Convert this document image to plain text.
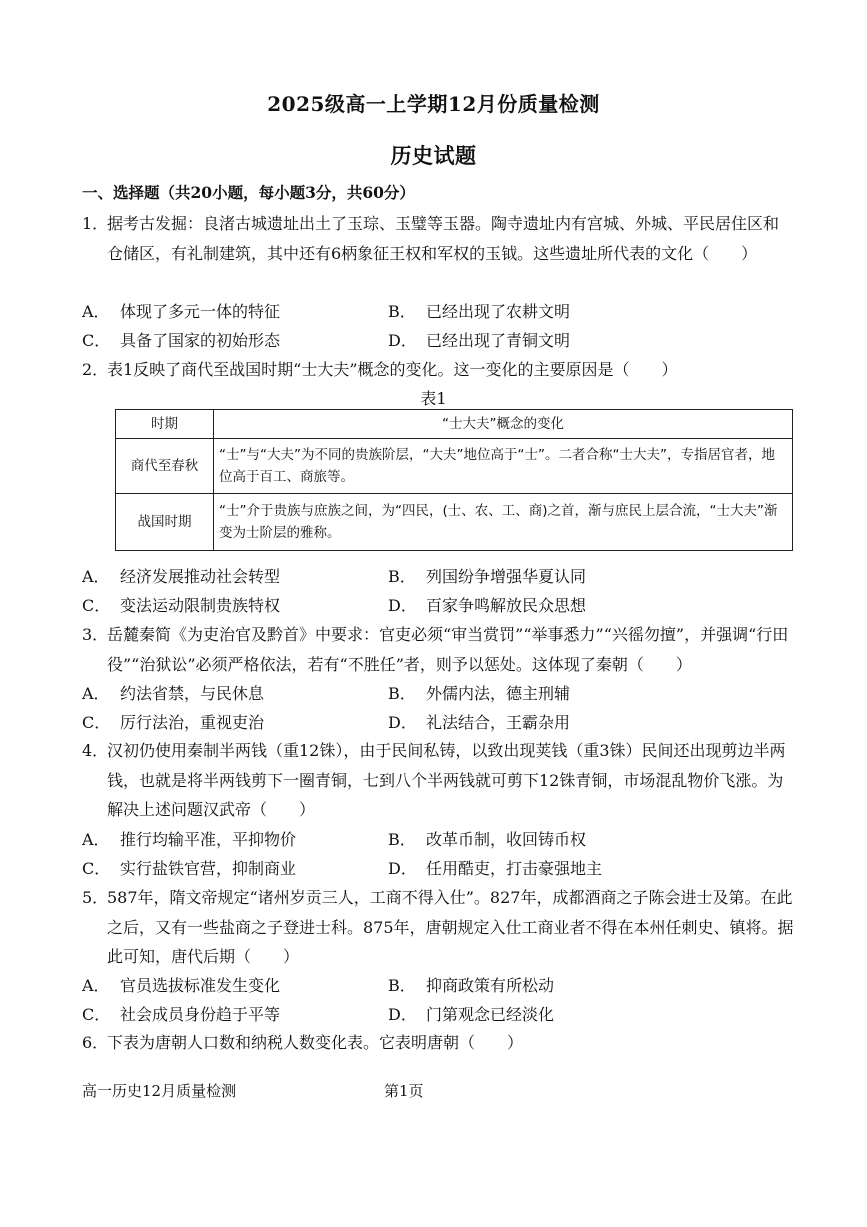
2025级高一上学期12月份质量检测
历史试题
一、选择题（共20小题，每小题3分，共60分）
1．
据考古发掘：良渚古城遗址出土了玉琮、玉璧等玉器。陶寺遗址内有宫城、外城、平民居住区和仓储区，有礼制建筑，其中还有6柄象征王权和军权的玉钺。这些遗址所代表的文化（　　）
A． 体现了多元一体的特征	B． 已经出现了农耕文明
C． 具备了国家的初始形态	D． 已经出现了青铜文明
2．
表1反映了商代至战国时期“士大夫”概念的变化。这一变化的主要原因是（　　）
表1
时期	“士大夫”概念的变化
商代至春秋	“士”与“大夫”为不同的贵族阶层，“大夫”地位高于“士”。二者合称“士大夫”，专指居官者，地位高于百工、商旅等。
战国时期	“士”介于贵族与庶族之间，为“四民，(士、农、工、商)之首，渐与庶民上层合流，“士大夫”渐变为士阶层的雅称。
A． 经济发展推动社会转型	B． 列国纷争增强华夏认同
C． 变法运动限制贵族特权	D． 百家争鸣解放民众思想
3．
岳麓秦简《为吏治官及黔首》中要求：官吏必须“审当赏罚”“举事悉力”“兴徭勿擅”，并强调“行田役”“治狱讼”必须严格依法，若有“不胜任”者，则予以惩处。这体现了秦朝（　　）
A． 约法省禁，与民休息	B． 外儒内法，德主刑辅
C． 厉行法治，重视吏治	D． 礼法结合，王霸杂用
4．
汉初仍使用秦制半两钱（重12铢），由于民间私铸，以致出现荚钱（重3铢）民间还出现剪边半两钱，也就是将半两钱剪下一圈青铜，七到八个半两钱就可剪下12铢青铜，市场混乱物价飞涨。为解决上述问题汉武帝（　　）
A． 推行均输平准，平抑物价	B． 改革币制，收回铸币权
C． 实行盐铁官营，抑制商业	D． 任用酷吏，打击豪强地主
5．
587年，隋文帝规定“诸州岁贡三人，工商不得入仕”。827年，成都酒商之子陈会进士及第。在此之后，又有一些盐商之子登进士科。875年，唐朝规定入仕工商业者不得在本州任刺史、镇将。据此可知，唐代后期（　　）
A． 官员选拔标准发生变化	B． 抑商政策有所松动
C． 社会成员身份趋于平等	D． 门第观念已经淡化
6．
下表为唐朝人口数和纳税人数变化表。它表明唐朝（　　）
高一历史12月质量检测	第1页
